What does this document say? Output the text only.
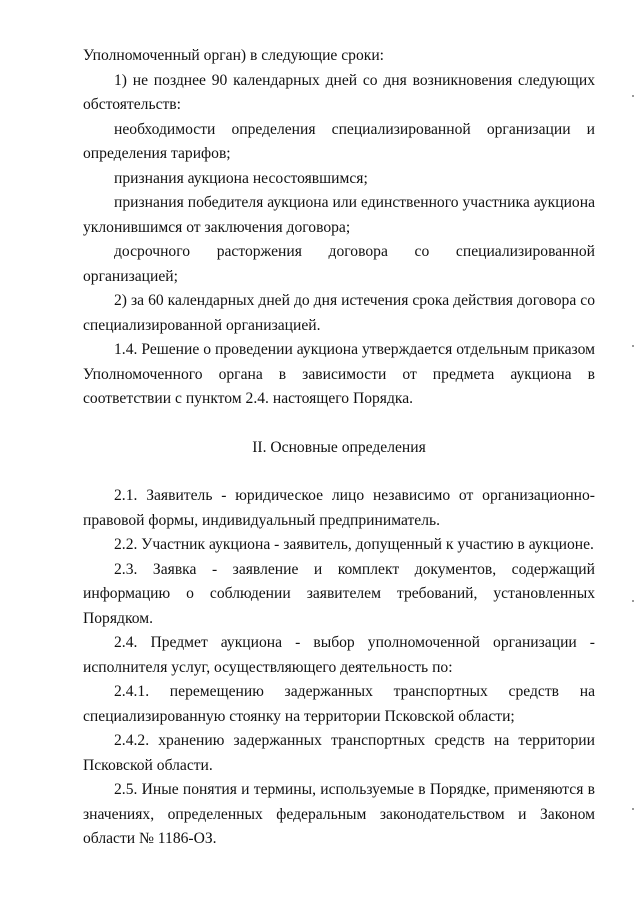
Уполномоченный орган) в следующие сроки:

1) не позднее 90 календарных дней со дня возникновения следующих обстоятельств:

необходимости определения специализированной организации и определения тарифов;

признания аукциона несостоявшимся;

признания победителя аукциона или единственного участника аукциона уклонившимся от заключения договора;

досрочного расторжения договора со специализированной организацией;

2) за 60 календарных дней до дня истечения срока действия договора со специализированной организацией.

1.4. Решение о проведении аукциона утверждается отдельным приказом Уполномоченного органа в зависимости от предмета аукциона в соответствии с пунктом 2.4. настоящего Порядка.

II. Основные определения

2.1. Заявитель - юридическое лицо независимо от организационно-правовой формы, индивидуальный предприниматель.

2.2. Участник аукциона - заявитель, допущенный к участию в аукционе.

2.3. Заявка - заявление и комплект документов, содержащий информацию о соблюдении заявителем требований, установленных Порядком.

2.4. Предмет аукциона - выбор уполномоченной организации - исполнителя услуг, осуществляющего деятельность по:

2.4.1. перемещению задержанных транспортных средств на специализированную стоянку на территории Псковской области;

2.4.2. хранению задержанных транспортных средств на территории Псковской области.

2.5. Иные понятия и термины, используемые в Порядке, применяются в значениях, определенных федеральным законодательством и Законом области № 1186-ОЗ.
